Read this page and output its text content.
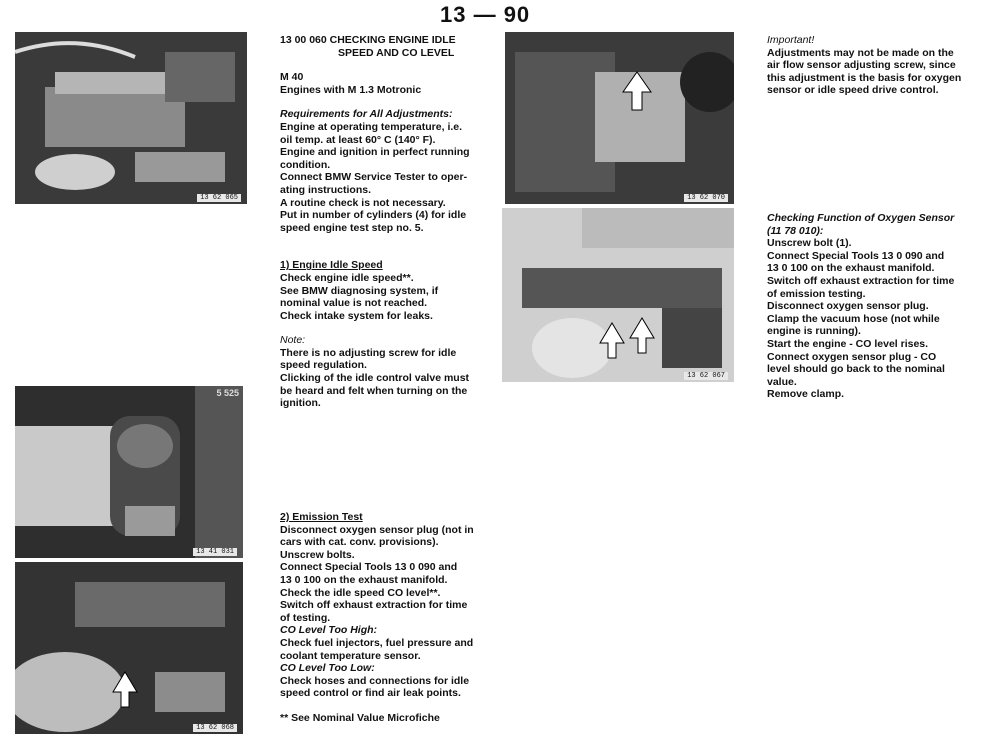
13 — 90
13 62 065
13 41 031
5 525
13 62 068
13 62 070
13 62 067

13 00 060 CHECKING ENGINE IDLE

SPEED AND CO LEVEL

M 40

Engines with M 1.3 Motronic

Requirements for All Adjustments:

Engine at operating temperature, i.e.

oil temp. at least 60° C (140° F).

Engine and ignition in perfect running

condition.

Connect BMW Service Tester to oper-

ating instructions.

A routine check is not necessary.

Put in number of cylinders (4) for idle

speed engine test step no. 5.

1) Engine Idle Speed

Check engine idle speed**.

See BMW diagnosing system, if

nominal value is not reached.

Check intake system for leaks.

Note:

There is no adjusting screw for idle

speed regulation.

Clicking of the idle control valve must

be heard and felt when turning on the

ignition.

2) Emission Test

Disconnect oxygen sensor plug (not in

cars with cat. conv. provisions).

Unscrew bolts.

Connect Special Tools 13 0 090 and

13 0 100 on the exhaust manifold.

Check the idle speed CO level**.

Switch off exhaust extraction for time

of testing.

CO Level Too High:

Check fuel injectors, fuel pressure and

coolant temperature sensor.

CO Level Too Low:

Check hoses and connections for idle

speed control or find air leak points.

** See Nominal Value Microfiche

Important!

Adjustments may not be made on the

air flow sensor adjusting screw, since

this adjustment is the basis for oxygen

sensor or idle speed drive control.

Checking Function of Oxygen Sensor

(11 78 010):

Unscrew bolt (1).

Connect Special Tools 13 0 090 and

13 0 100 on the exhaust manifold.

Switch off exhaust extraction for time

of emission testing.

Disconnect oxygen sensor plug.

Clamp the vacuum hose (not while

engine is running).

Start the engine - CO level rises.

Connect oxygen sensor plug - CO

level should go back to the nominal

value.

Remove clamp.
